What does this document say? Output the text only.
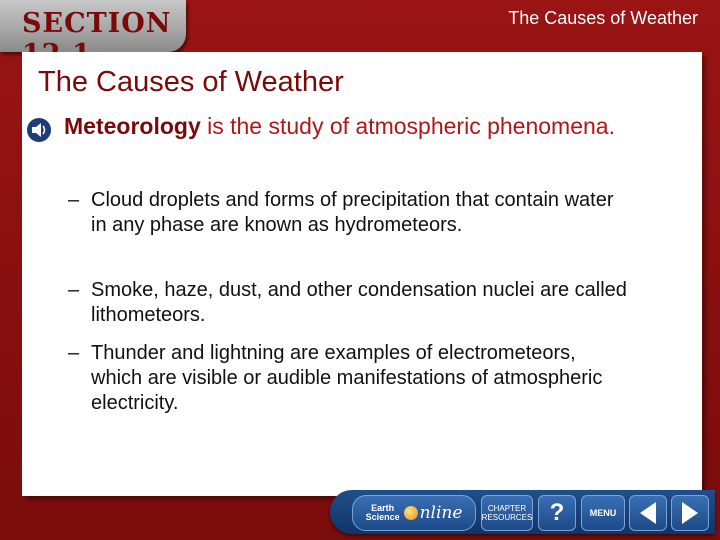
SECTION	The Causes of Weather
The Causes of Weather
Meteorology is the study of atmospheric phenomena.
– Cloud droplets and forms of precipitation that contain water in any phase are known as hydrometeors.
– Smoke, haze, dust, and other condensation nuclei are called lithometeors.
– Thunder and lightning are examples of electrometeors, which are visible or audible manifestations of atmospheric electricity.
Earth
Science nline	CHAPTER
RESOURCES ?	MENU
